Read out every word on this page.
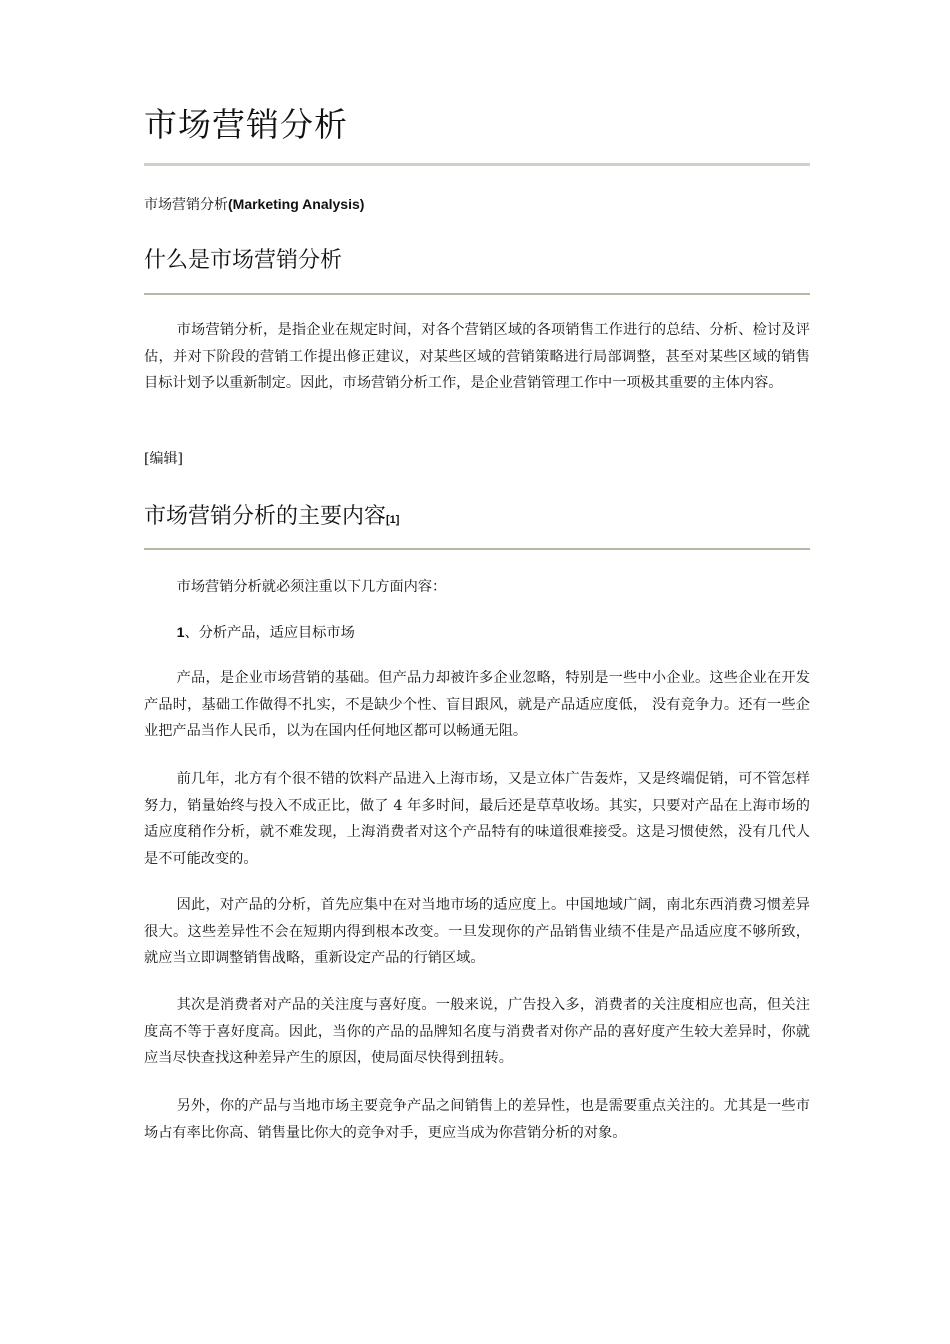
市场营销分析
市场营销分析(Marketing Analysis)
什么是市场营销分析

市场营销分析，是指企业在规定时间，对各个营销区域的各项销售工作进行的总结、分析、检讨及评估，并对下阶段的营销工作提出修正建议，对某些区域的营销策略进行局部调整，甚至对某些区域的销售目标计划予以重新制定。因此，市场营销分析工作，是企业营销管理工作中一项极其重要的主体内容。

[编辑]
市场营销分析的主要内容[1]

市场营销分析就必须注重以下几方面内容：

1、分析产品，适应目标市场

产品，是企业市场营销的基础。但产品力却被许多企业忽略，特别是一些中小企业。这些企业在开发产品时，基础工作做得不扎实，不是缺少个性、盲目跟风，就是产品适应度低， 没有竞争力。还有一些企业把产品当作人民币，以为在国内任何地区都可以畅通无阻。

前几年，北方有个很不错的饮料产品进入上海市场，又是立体广告轰炸，又是终端促销，可不管怎样努力，销量始终与投入不成正比，做了 4 年多时间，最后还是草草收场。其实，只要对产品在上海市场的适应度稍作分析，就不难发现，上海消费者对这个产品特有的味道很难接受。这是习惯使然，没有几代人是不可能改变的。

因此，对产品的分析，首先应集中在对当地市场的适应度上。中国地域广阔，南北东西消费习惯差异很大。这些差异性不会在短期内得到根本改变。一旦发现你的产品销售业绩不佳是产品适应度不够所致，就应当立即调整销售战略，重新设定产品的行销区域。

其次是消费者对产品的关注度与喜好度。一般来说，广告投入多，消费者的关注度相应也高，但关注度高不等于喜好度高。因此，当你的产品的品牌知名度与消费者对你产品的喜好度产生较大差异时，你就应当尽快查找这种差异产生的原因，使局面尽快得到扭转。

另外，你的产品与当地市场主要竞争产品之间销售上的差异性，也是需要重点关注的。尤其是一些市场占有率比你高、销售量比你大的竞争对手，更应当成为你营销分析的对象。
